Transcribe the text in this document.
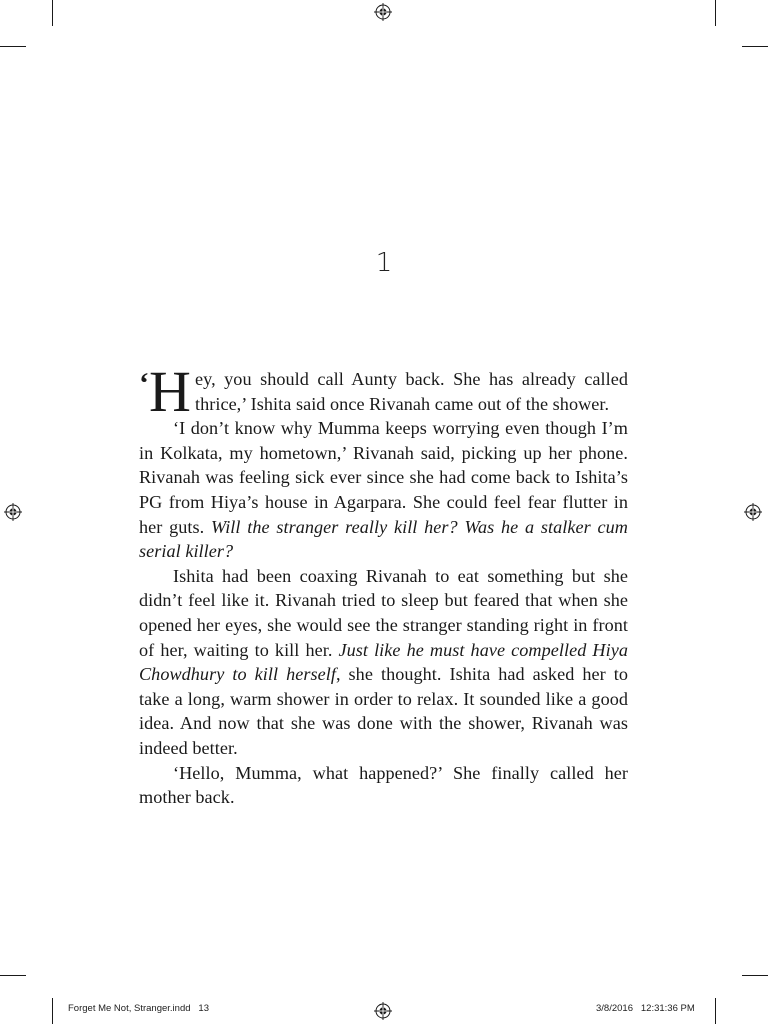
1

‘ H ey, you should call Aunty back. She has already called thrice,’ Ishita said once Rivanah came out of the shower.

‘I don’t know why Mumma keeps worrying even though I’m in Kolkata, my hometown,’ Rivanah said, picking up her phone. Rivanah was feeling sick ever since she had come back to Ishita’s PG from Hiya’s house in Agarpara. She could feel fear flutter in her guts. Will the stranger really kill her? Was he a stalker cum serial killer?

Ishita had been coaxing Rivanah to eat something but she didn’t feel like it. Rivanah tried to sleep but feared that when she opened her eyes, she would see the stranger standing right in front of her, waiting to kill her. Just like he must have compelled Hiya Chowdhury to kill herself, she thought. Ishita had asked her to take a long, warm shower in order to relax. It sounded like a good idea. And now that she was done with the shower, Rivanah was indeed better.

‘Hello, Mumma, what happened?’ She finally called her mother back.

Forget Me Not, Stranger.indd   13	3/8/2016   12:31:36 PM
